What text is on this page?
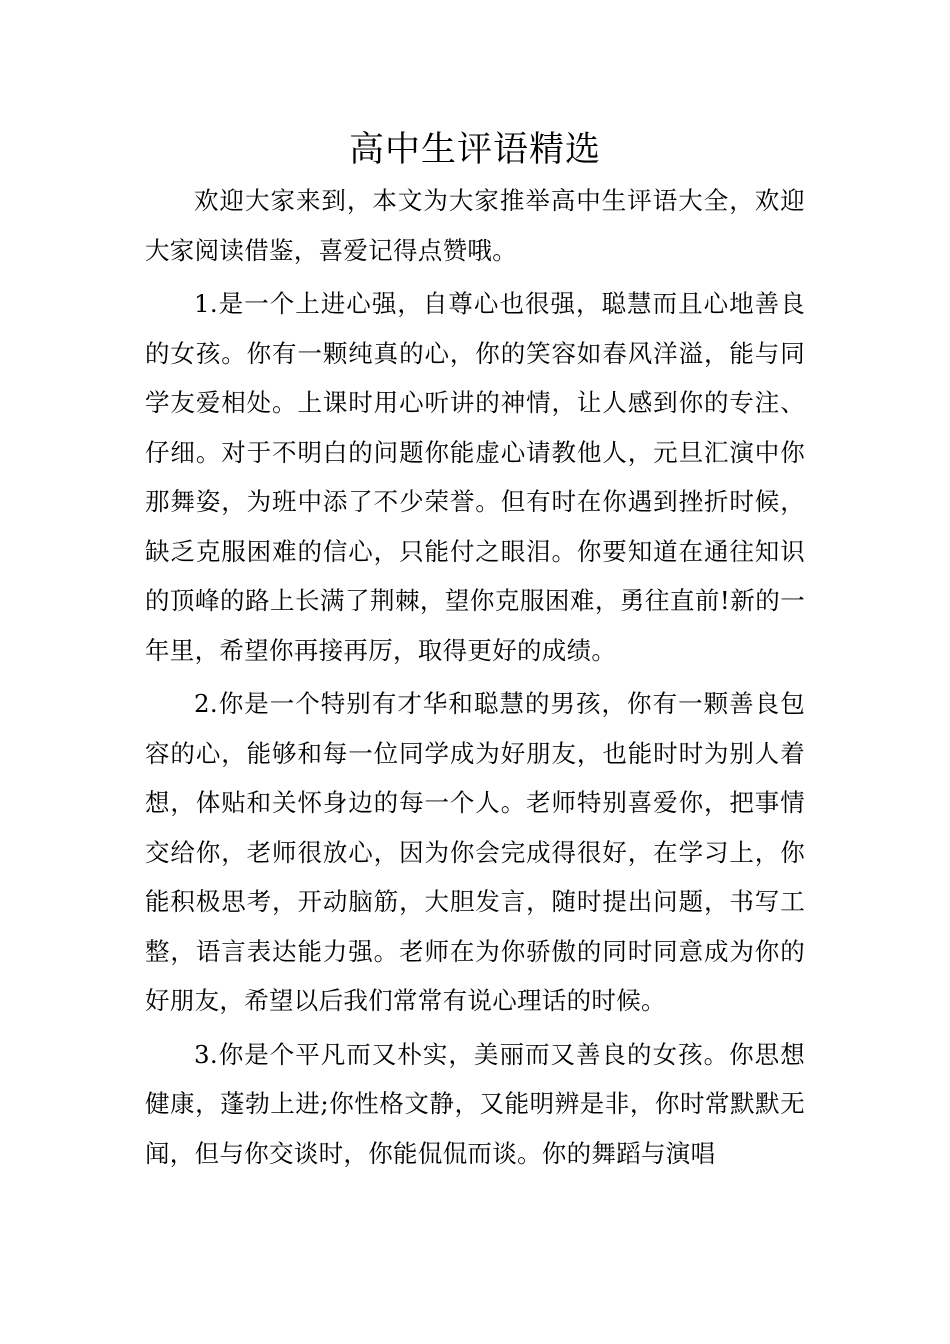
高中生评语精选

欢迎大家来到，本文为大家推举高中生评语大全，欢迎大家阅读借鉴，喜爱记得点赞哦。

1.是一个上进心强，自尊心也很强，聪慧而且心地善良的女孩。你有一颗纯真的心，你的笑容如春风洋溢，能与同学友爱相处。上课时用心听讲的神情，让人感到你的专注、仔细。对于不明白的问题你能虚心请教他人，元旦汇演中你那舞姿，为班中添了不少荣誉。但有时在你遇到挫折时候，缺乏克服困难的信心，只能付之眼泪。你要知道在通往知识的顶峰的路上长满了荆棘，望你克服困难，勇往直前!新的一年里，希望你再接再厉，取得更好的成绩。

2.你是一个特别有才华和聪慧的男孩，你有一颗善良包容的心，能够和每一位同学成为好朋友，也能时时为别人着想，体贴和关怀身边的每一个人。老师特别喜爱你，把事情交给你，老师很放心，因为你会完成得很好，在学习上，你能积极思考，开动脑筋，大胆发言，随时提出问题，书写工整，语言表达能力强。老师在为你骄傲的同时同意成为你的好朋友，希望以后我们常常有说心理话的时候。

3.你是个平凡而又朴实，美丽而又善良的女孩。你思想健康，蓬勃上进;你性格文静，又能明辨是非，你时常默默无闻，但与你交谈时，你能侃侃而谈。你的舞蹈与演唱
